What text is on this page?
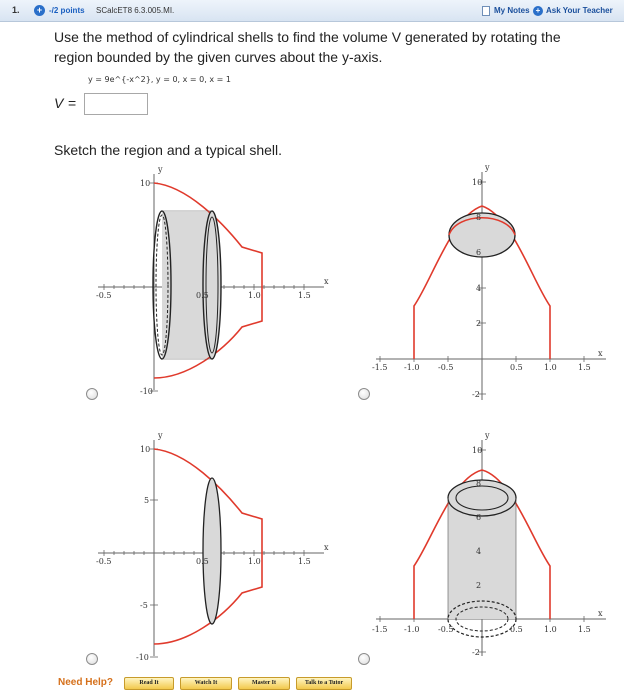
1.	+ -/2 points SCalcET8 6.3.005.MI.	My Notes + Ask Your Teacher
Use the method of cylindrical shells to find the volume V generated by rotating the region bounded by the given curves about the y-axis.
y = 9e^{-x^2}, y = 0, x = 0, x = 1
V =
Sketch the region and a typical shell.
y
x
10
-10
-0.5	0.5	1.0	1.5
y
x
10
8
6
4
2
-2
-1.5 -1.0 -0.5	0.5	1.0	1.5
y
x
10
5
-5
-10
-0.5	0.5	1.0	1.5
y
x
10
8
6
4
2
-2
-1.5 -1.0 -0.5	0.5	1.0	1.5
Need Help?	Read It	Watch It	Master It	Talk to a Tutor
